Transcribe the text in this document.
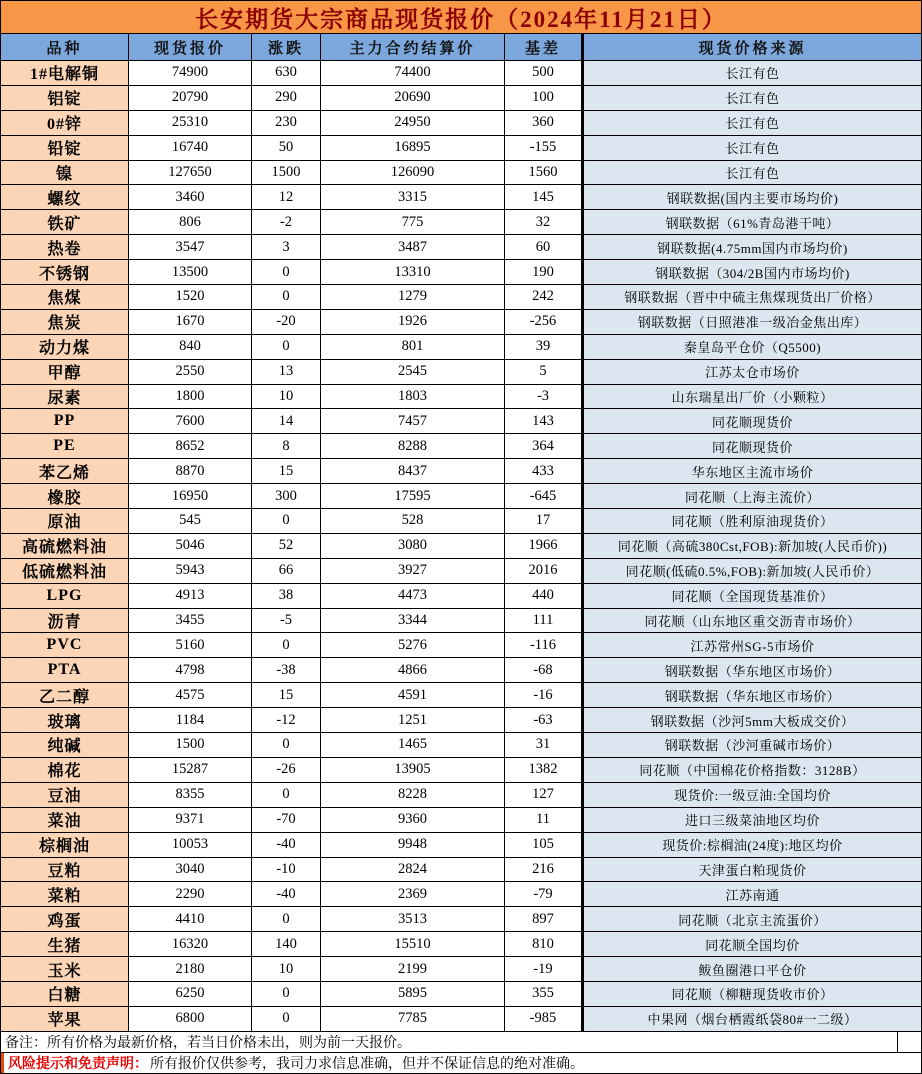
长安期货大宗商品现货报价（2024年11月21日）
品种	现货报价	涨跌	主力合约结算价	基差	现货价格来源
1#电解铜	74900	630	74400	500	长江有色
铝锭	20790	290	20690	100	长江有色
0#锌	25310	230	24950	360	长江有色
铅锭	16740	50	16895	-155	长江有色
镍	127650	1500	126090	1560	长江有色
螺纹	3460	12	3315	145	钢联数据(国内主要市场均价)
铁矿	806	-2	775	32	钢联数据（61%青岛港干吨）
热卷	3547	3	3487	60	钢联数据(4.75mm国内市场均价)
不锈钢	13500	0	13310	190	钢联数据（304/2B国内市场均价)
焦煤	1520	0	1279	242	钢联数据（晋中中硫主焦煤现货出厂价格）
焦炭	1670	-20	1926	-256	钢联数据（日照港准一级冶金焦出库）
动力煤	840	0	801	39	秦皇岛平仓价（Q5500)
甲醇	2550	13	2545	5	江苏太仓市场价
尿素	1800	10	1803	-3	山东瑞星出厂价（小颗粒）
PP	7600	14	7457	143	同花顺现货价
PE	8652	8	8288	364	同花顺现货价
苯乙烯	8870	15	8437	433	华东地区主流市场价
橡胶	16950	300	17595	-645	同花顺（上海主流价）
原油	545	0	528	17	同花顺（胜利原油现货价）
高硫燃料油	5046	52	3080	1966	同花顺（高硫380Cst,FOB):新加坡(人民币价))
低硫燃料油	5943	66	3927	2016	同花顺(低硫0.5%,FOB):新加坡(人民币价）
LPG	4913	38	4473	440	同花顺（全国现货基准价）
沥青	3455	-5	3344	111	同花顺（山东地区重交沥青市场价）
PVC	5160	0	5276	-116	江苏常州SG-5市场价
PTA	4798	-38	4866	-68	钢联数据（华东地区市场价）
乙二醇	4575	15	4591	-16	钢联数据（华东地区市场价）
玻璃	1184	-12	1251	-63	钢联数据（沙河5mm大板成交价）
纯碱	1500	0	1465	31	钢联数据（沙河重碱市场价）
棉花	15287	-26	13905	1382	同花顺（中国棉花价格指数：3128B）
豆油	8355	0	8228	127	现货价:一级豆油:全国均价
菜油	9371	-70	9360	11	进口三级菜油地区均价
棕榈油	10053	-40	9948	105	现货价:棕榈油(24度):地区均价
豆粕	3040	-10	2824	216	天津蛋白粕现货价
菜粕	2290	-40	2369	-79	江苏南通
鸡蛋	4410	0	3513	897	同花顺（北京主流蛋价）
生猪	16320	140	15510	810	同花顺全国均价
玉米	2180	10	2199	-19	鲅鱼圈港口平仓价
白糖	6250	0	5895	355	同花顺（柳糖现货收市价）
苹果	6800	0	7785	-985	中果网（烟台栖霞纸袋80#一二级）
备注：所有价格为最新价格，若当日价格未出，则为前一天报价。
风险提示和免责声明： 所有报价仅供参考，我司力求信息准确，但并不保证信息的绝对准确。
